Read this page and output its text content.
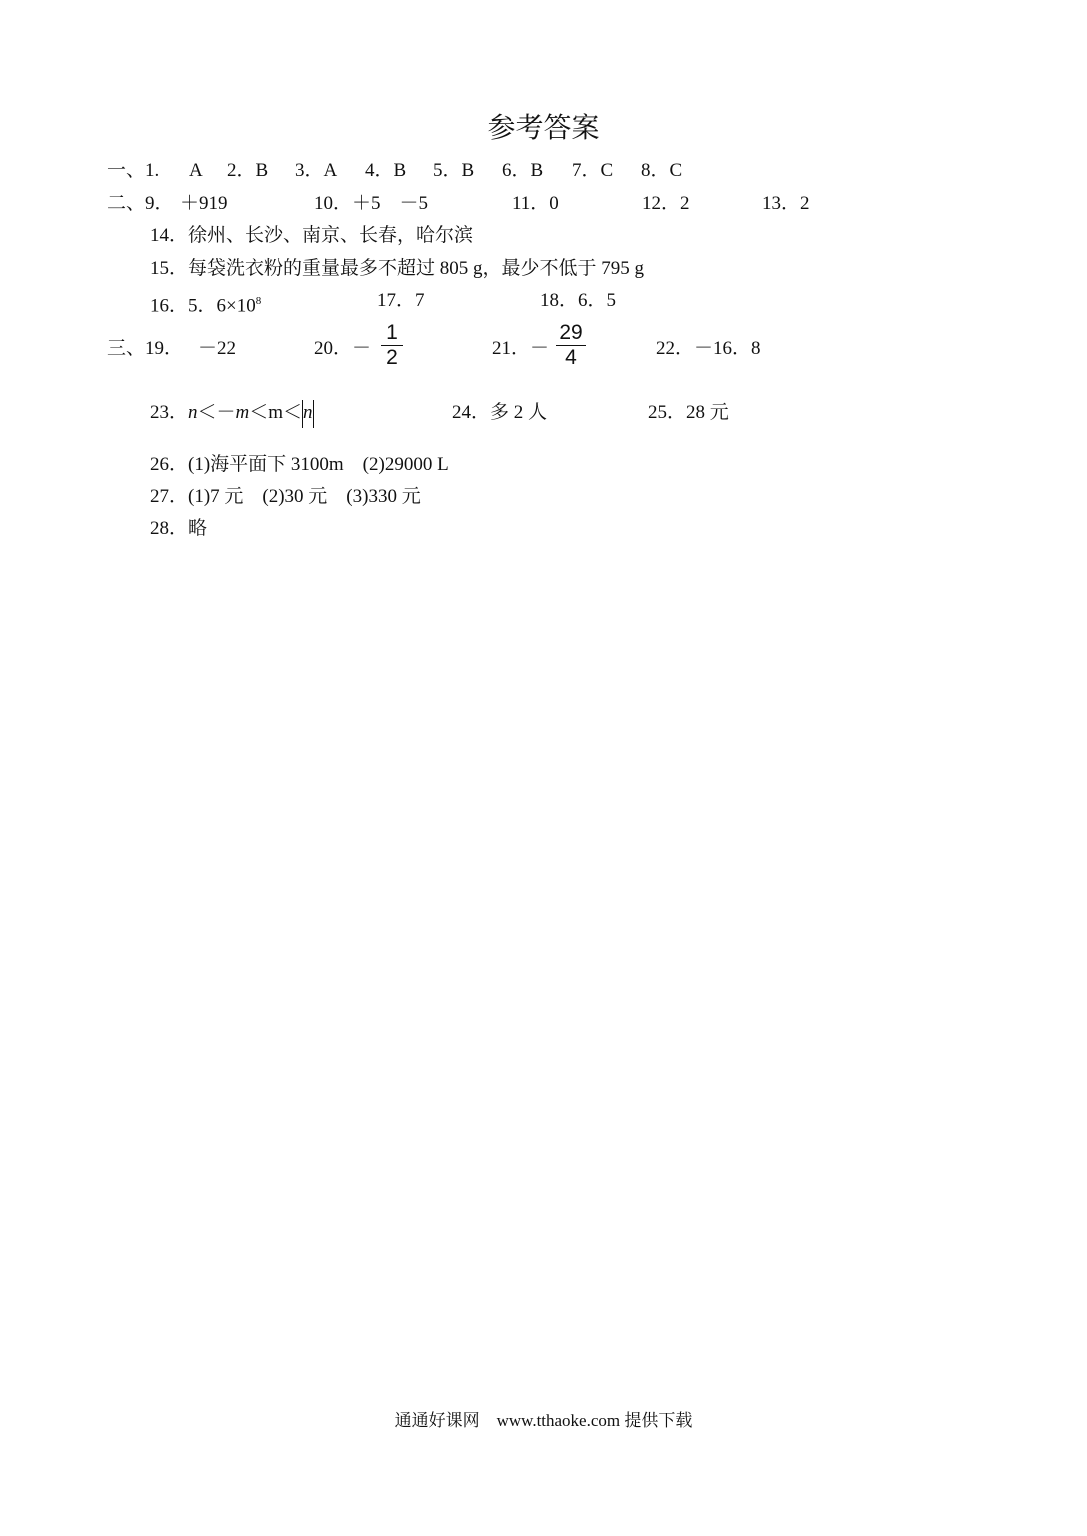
参考答案
一、1. A 2．B 3．A 4．B 5．B 6．B 7．C 8．C
二、9． ＋919	10．＋5　－5	11．0	12．2	13．2
14．徐州、长沙、南京、长春，哈尔滨
15．每袋洗衣粉的重量最多不超过 805 g，最少不低于 795 g
16．5．$6\times 10^8$	17．7	18．6．5
三、19． －22	20．－	21．－	22．－16．8
1
2
29
4
23．n＜－m＜m＜n	24．多 2 人	25．28 元
26．(1)海平面下 3100m　(2)29000 L
27．(1)7 元　(2)30 元　(3)330 元
28．略
通通好课网　www.tthaoke.com 提供下载
